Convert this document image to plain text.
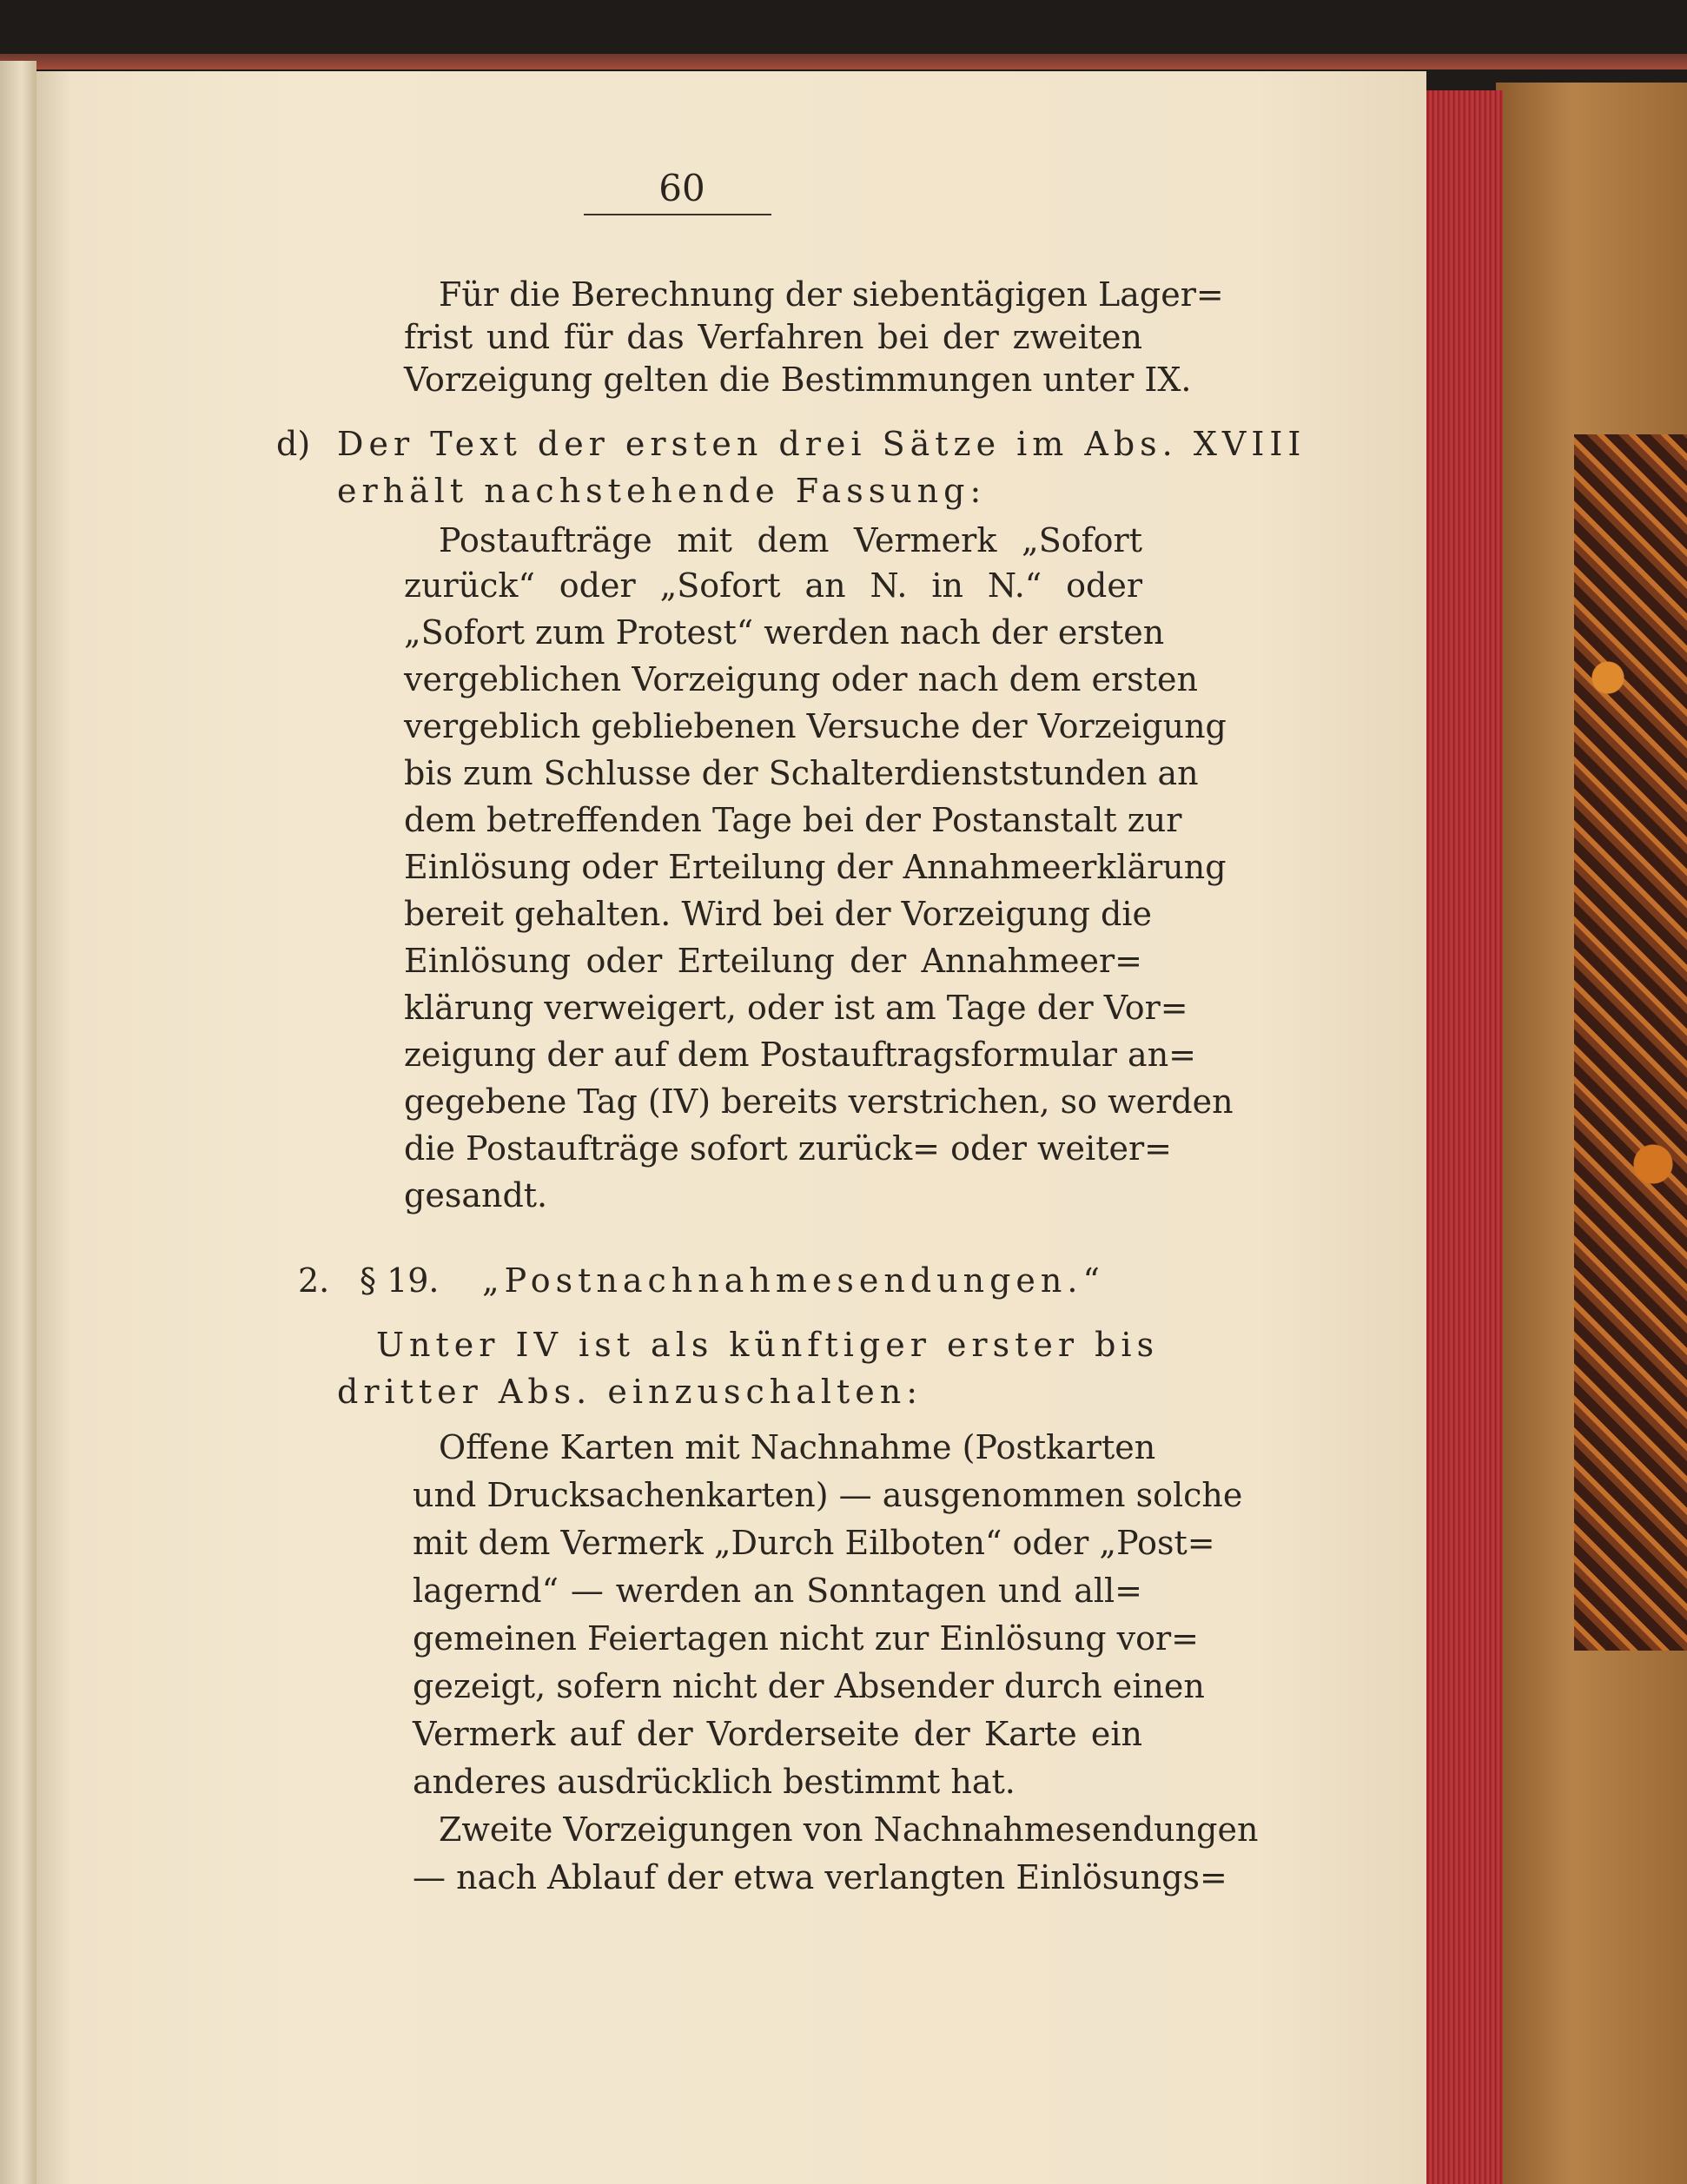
60
Für die Berechnung der siebentägigen Lager=
frist und für das Verfahren bei der zweiten
Vorzeigung gelten die Bestimmungen unter IX.
d) Der Text der ersten drei Sätze im Abs. XVIII
erhält nachstehende Fassung:
Postaufträge mit dem Vermerk „Sofort
zurück“ oder „Sofort an N. in N.“ oder
„Sofort zum Protest“ werden nach der ersten
vergeblichen Vorzeigung oder nach dem ersten
vergeblich gebliebenen Versuche der Vorzeigung
bis zum Schlusse der Schalterdienststunden an
dem betreffenden Tage bei der Postanstalt zur
Einlösung oder Erteilung der Annahmeerklärung
bereit gehalten. Wird bei der Vorzeigung die
Einlösung oder Erteilung der Annahmeer=
klärung verweigert, oder ist am Tage der Vor=
zeigung der auf dem Postauftragsformular an=
gegebene Tag (IV) bereits verstrichen, so werden
die Postaufträge sofort zurück= oder weiter=
gesandt.
2. § 19. „Postnachnahmesendungen.“
Unter IV ist als künftiger erster bis
dritter Abs. einzuschalten:
Offene Karten mit Nachnahme (Postkarten
und Drucksachenkarten) — ausgenommen solche
mit dem Vermerk „Durch Eilboten“ oder „Post=
lagernd“ — werden an Sonntagen und all=
gemeinen Feiertagen nicht zur Einlösung vor=
gezeigt, sofern nicht der Absender durch einen
Vermerk auf der Vorderseite der Karte ein
anderes ausdrücklich bestimmt hat.
Zweite Vorzeigungen von Nachnahmesendungen
— nach Ablauf der etwa verlangten Einlösungs=
